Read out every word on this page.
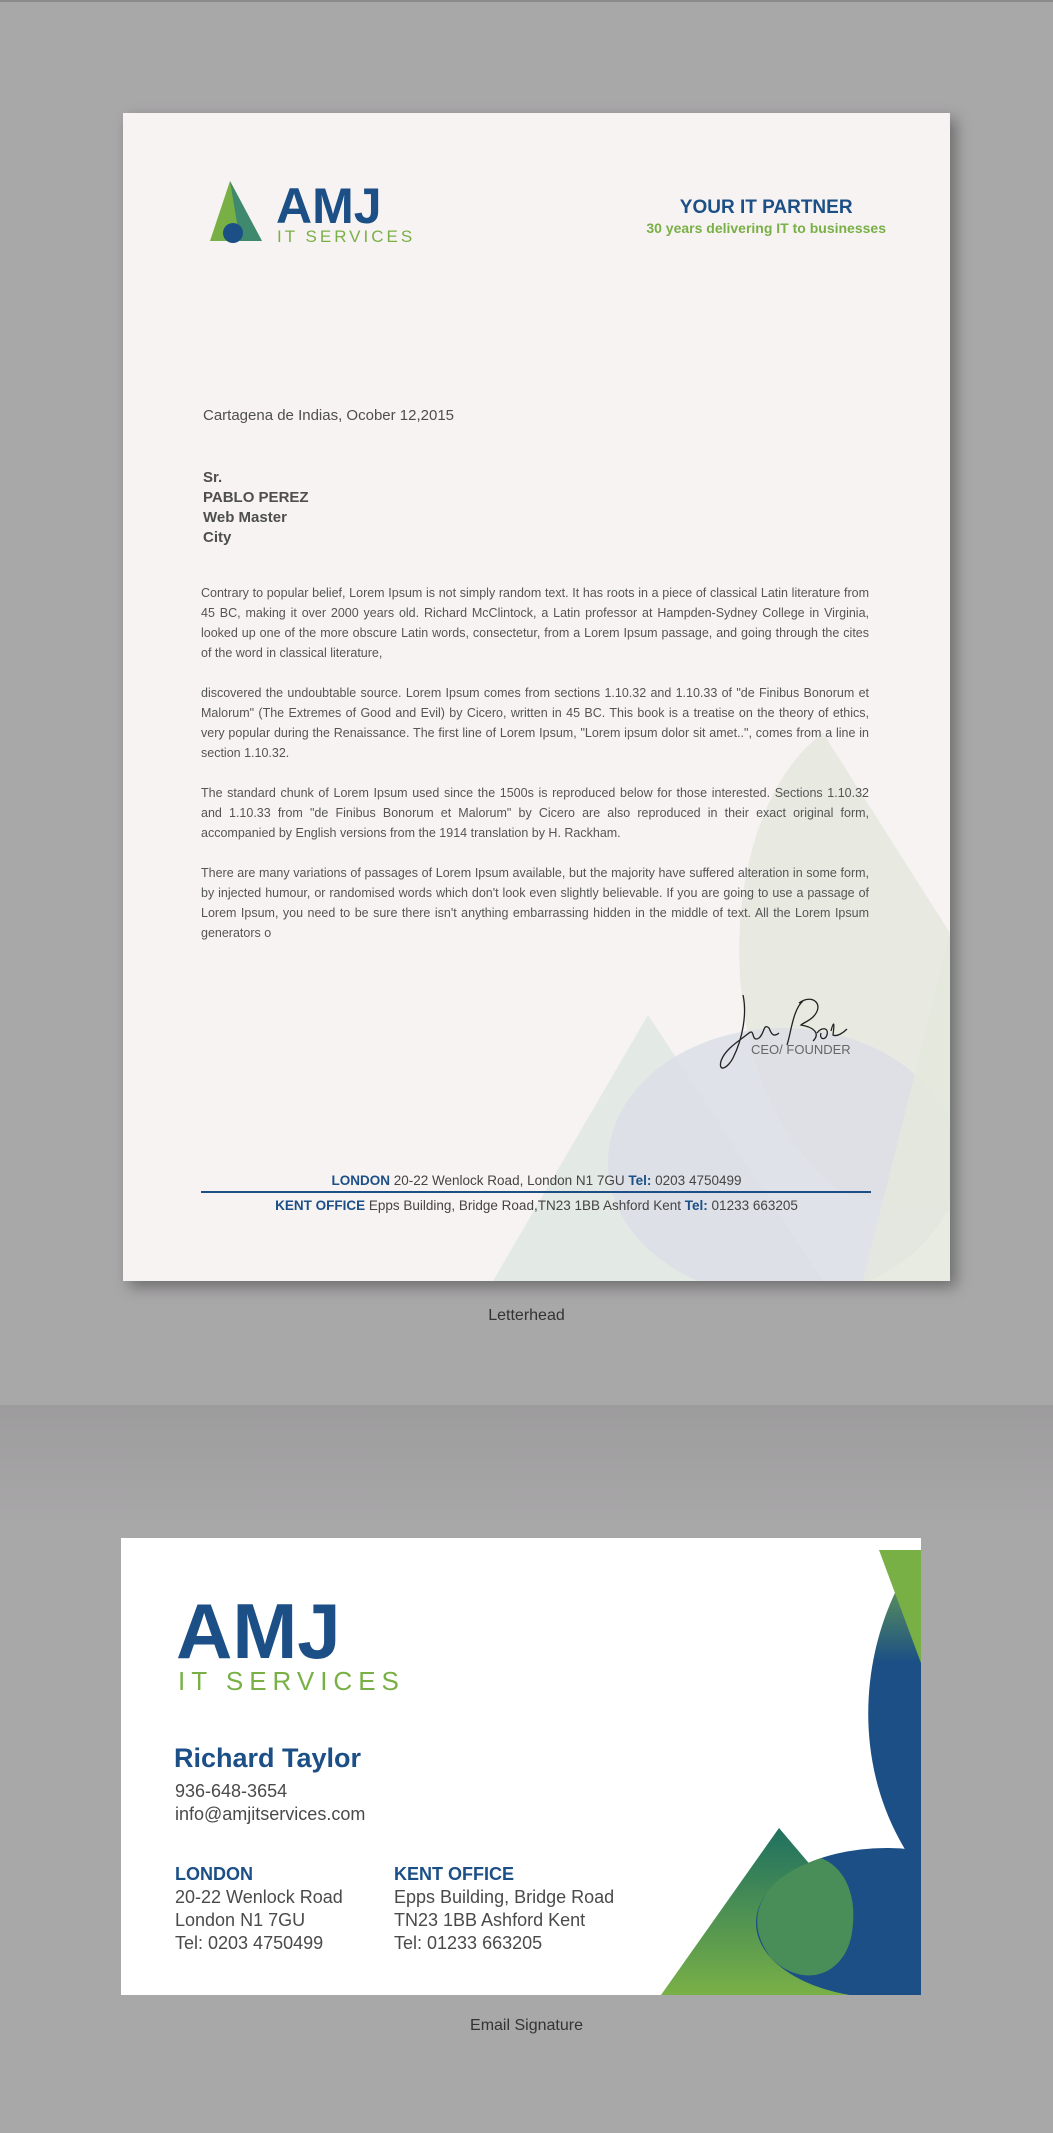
AMJ
IT SERVICES
YOUR IT PARTNER
30 years delivering IT to businesses
Cartagena de Indias, Ocober 12,2015
Sr.
PABLO PEREZ
Web Master
City

Contrary to popular belief, Lorem Ipsum is not simply random text. It has roots in a piece of classical Latin literature from 45 BC, making it over 2000 years old. Richard McClintock, a Latin professor at Hampden-Sydney College in Virginia, looked up one of the more obscure Latin words, consectetur, from a Lorem Ipsum passage, and going through the cites of the word in classical literature,

discovered the undoubtable source. Lorem Ipsum comes from sections 1.10.32 and 1.10.33 of "de Finibus Bonorum et Malorum" (The Extremes of Good and Evil) by Cicero, written in 45 BC. This book is a treatise on the theory of ethics, very popular during the Renaissance. The first line of Lorem Ipsum, "Lorem ipsum dolor sit amet..", comes from a line in section 1.10.32.

The standard chunk of Lorem Ipsum used since the 1500s is reproduced below for those interested. Sections 1.10.32 and 1.10.33 from "de Finibus Bonorum et Malorum" by Cicero are also reproduced in their exact original form, accompanied by English versions from the 1914 translation by H. Rackham.

There are many variations of passages of Lorem Ipsum available, but the majority have suffered alteration in some form, by injected humour, or randomised words which don't look even slightly believable. If you are going to use a passage of Lorem Ipsum, you need to be sure there isn't anything embarrassing hidden in the middle of text. All the Lorem Ipsum generators o

CEO/ FOUNDER
LONDON 20-22 Wenlock Road, London N1 7GU Tel: 0203 4750499
KENT OFFICE Epps Building, Bridge Road,TN23 1BB Ashford Kent Tel: 01233 663205
Letterhead
AMJ
IT SERVICES
Richard Taylor
936-648-3654
info@amjitservices.com
LONDON
20-22 Wenlock Road
London N1 7GU
Tel: 0203 4750499
KENT OFFICE
Epps Building, Bridge Road
TN23 1BB Ashford Kent
Tel: 01233 663205
Email Signature
